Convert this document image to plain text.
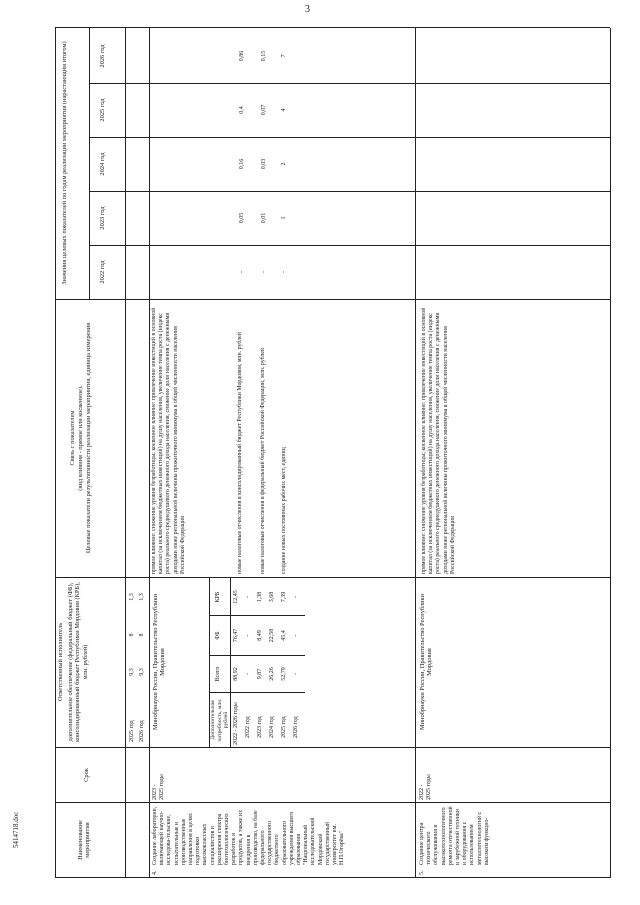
3
5414718.doc	Наименование мероприятия
Срок
Ответственный исполнитель дополнительное обеспечение (федеральный бюджет (ФБ), консолидированный бюджет Республики Мордовия (КРБ), млн. рублей)
Связь с показателем (вид влияния - прямое или косвенное). Целевые показатели результативности реализации мероприятия, единица измерения
Значения целевых показателей по годам реализации мероприятия (нарастающим итогом)	2022 год
2023 год
2024 год
2025 год
2026 год
2025 год
9,3
8
1,3
2026 год
9,3
8
1,3
прямое влияние: снижение уровня безработицы; косвенное влияние: привлечение инвестиций в основной капитал (за исключением бюджетных инвестиций) на душу населения, увеличение темпа роста (индекс роста) реального среднедушевого денежного дохода населения, снижение доли населения с денежными доходами ниже региональной величины прожиточного минимума в общей численности населения Российской Федерации
4.
Создание лаборатории, включающей научно-исследова-тельские, испытательные и производственные направления в целях подготовки высококлассных специалистов и расширения спектра биотехнологических разработок и продуктов, а также их внедрения в производство, на базе федерального государственного бюджетного образовательного учреждения высшего образования "Национальный исследовательский Мордовский государственный университет им. Н.П.Огарёва"
2023 - 2025 годы
Минобрнауки России, Правительство Республики Мордовия
Дополнительная потребность, млн. рублей
Всего
ФБ
КРБ
2022 - 2026 годы
88,92
76,47
12,45
2022 год
-
-
-
2023 год
9,87
8,49
1,38
2024 год
26,26
22,58
3,68
2025 год
52,79
45,4
7,39
2026 год
-
-
-
новые налоговые отчисления в консолидированный бюджет Республики Мордовия, млн. рублей
-
0,05
0,16
0,4
0,86
новые налоговые отчисления в федеральный бюджет Российской Федерации, млн. рублей
-
0,01
0,03
0,07
0,15
создание новых постоянных рабочих мест, единиц
-
1
2
4
7
5.
Создание центра технического обслуживания и высокотехнологичного ремонта отечественной и зарубежной техники и оборудования с использованием металлотехнологий с высоким функцио-
2022 - 2025 годы
Минобрнауки России, Правительство Республики Мордовия
прямое влияние: снижение уровня безработицы; косвенное влияние: привлечение инвестиций в основной капитал (за исключением бюджетных инвестиций) на душу населения, увеличение темпа роста (индекс роста) реального среднедушевого денежного дохода населения, снижение доли населения с денежными доходами ниже региональной величины прожиточного минимума в общей численности населения Российской Федерации
